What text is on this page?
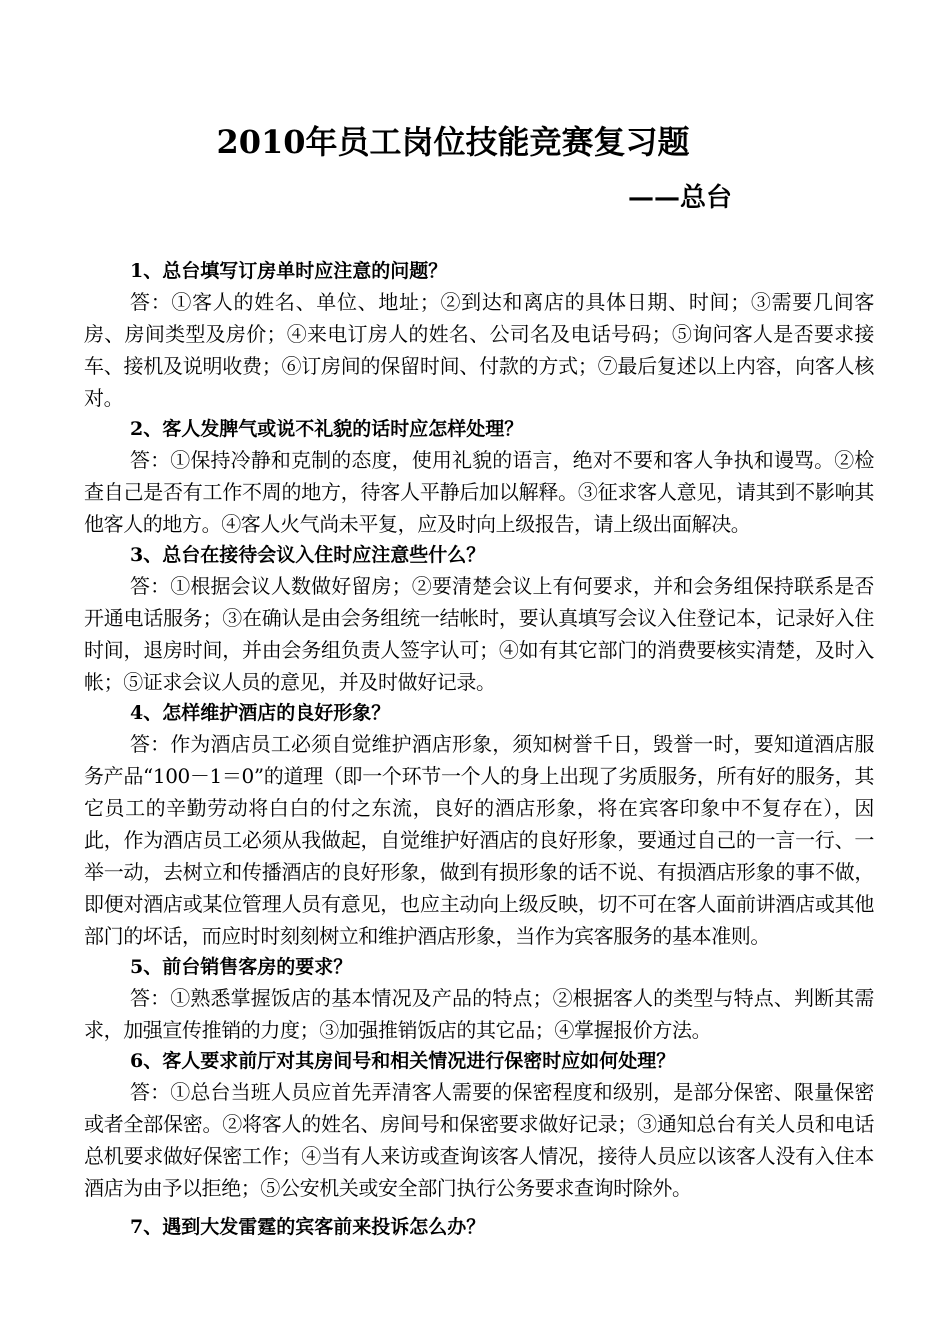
2010年员工岗位技能竞赛复习题
——总台

1、总台填写订房单时应注意的问题？

答：①客人的姓名、单位、地址；②到达和离店的具体日期、时间；③需要几间客房、房间类型及房价；④来电订房人的姓名、公司名及电话号码；⑤询问客人是否要求接车、接机及说明收费；⑥订房间的保留时间、付款的方式；⑦最后复述以上内容，向客人核对。

2、客人发脾气或说不礼貌的话时应怎样处理？

答：①保持冷静和克制的态度，使用礼貌的语言，绝对不要和客人争执和谩骂。②检查自己是否有工作不周的地方，待客人平静后加以解释。③征求客人意见，请其到不影响其他客人的地方。④客人火气尚未平复，应及时向上级报告，请上级出面解决。

3、总台在接待会议入住时应注意些什么？

答：①根据会议人数做好留房；②要清楚会议上有何要求，并和会务组保持联系是否开通电话服务；③在确认是由会务组统一结帐时，要认真填写会议入住登记本，记录好入住时间，退房时间，并由会务组负责人签字认可；④如有其它部门的消费要核实清楚，及时入帐；⑤证求会议人员的意见，并及时做好记录。

4、怎样维护酒店的良好形象？

答：作为酒店员工必须自觉维护酒店形象，须知树誉千日，毁誉一时，要知道酒店服务产品“100－1＝0”的道理（即一个环节一个人的身上出现了劣质服务，所有好的服务，其它员工的辛勤劳动将白白的付之东流，良好的酒店形象，将在宾客印象中不复存在），因此，作为酒店员工必须从我做起，自觉维护好酒店的良好形象，要通过自己的一言一行、一举一动，去树立和传播酒店的良好形象，做到有损形象的话不说、有损酒店形象的事不做，即便对酒店或某位管理人员有意见，也应主动向上级反映，切不可在客人面前讲酒店或其他部门的坏话，而应时时刻刻树立和维护酒店形象，当作为宾客服务的基本准则。

5、前台销售客房的要求？

答：①熟悉掌握饭店的基本情况及产品的特点；②根据客人的类型与特点、判断其需求，加强宣传推销的力度；③加强推销饭店的其它品；④掌握报价方法。

6、客人要求前厅对其房间号和相关情况进行保密时应如何处理？

答：①总台当班人员应首先弄清客人需要的保密程度和级别，是部分保密、限量保密或者全部保密。②将客人的姓名、房间号和保密要求做好记录；③通知总台有关人员和电话总机要求做好保密工作；④当有人来访或查询该客人情况，接待人员应以该客人没有入住本酒店为由予以拒绝；⑤公安机关或安全部门执行公务要求查询时除外。

7、遇到大发雷霆的宾客前来投诉怎么办？
